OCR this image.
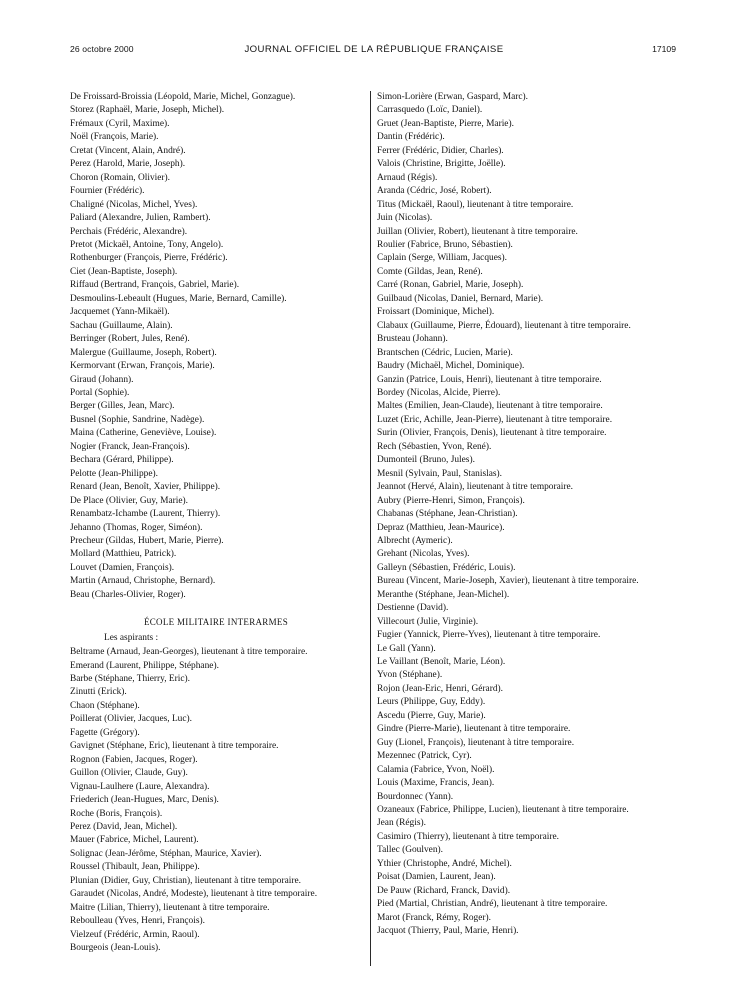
26 octobre 2000	JOURNAL OFFICIEL DE LA RÉPUBLIQUE FRANÇAISE	17109
De Froissard-Broissia (Léopold, Marie, Michel, Gonzague).
Storez (Raphaël, Marie, Joseph, Michel).
Frémaux (Cyril, Maxime).
Noël (François, Marie).
Cretat (Vincent, Alain, André).
Perez (Harold, Marie, Joseph).
Choron (Romain, Olivier).
Fournier (Frédéric).
Chaligné (Nicolas, Michel, Yves).
Paliard (Alexandre, Julien, Rambert).
Perchais (Frédéric, Alexandre).
Pretot (Mickaël, Antoine, Tony, Angelo).
Rothenburger (François, Pierre, Frédéric).
Ciet (Jean-Baptiste, Joseph).
Riffaud (Bertrand, François, Gabriel, Marie).
Desmoulins-Lebeault (Hugues, Marie, Bernard, Camille).
Jacquemet (Yann-Mikaël).
Sachau (Guillaume, Alain).
Berringer (Robert, Jules, René).
Malergue (Guillaume, Joseph, Robert).
Kermorvant (Erwan, François, Marie).
Giraud (Johann).
Portal (Sophie).
Berger (Gilles, Jean, Marc).
Busnel (Sophie, Sandrine, Nadège).
Maina (Catherine, Geneviève, Louise).
Nogier (Franck, Jean-François).
Bechara (Gérard, Philippe).
Pelotte (Jean-Philippe).
Renard (Jean, Benoît, Xavier, Philippe).
De Place (Olivier, Guy, Marie).
Renambatz-Ichambe (Laurent, Thierry).
Jehanno (Thomas, Roger, Siméon).
Precheur (Gildas, Hubert, Marie, Pierre).
Mollard (Matthieu, Patrick).
Louvet (Damien, François).
Martin (Arnaud, Christophe, Bernard).
Beau (Charles-Olivier, Roger).
ÉCOLE MILITAIRE INTERARMES
Les aspirants :
Beltrame (Arnaud, Jean-Georges), lieutenant à titre temporaire.
Emerand (Laurent, Philippe, Stéphane).
Barbe (Stéphane, Thierry, Eric).
Zinutti (Erick).
Chaon (Stéphane).
Poillerat (Olivier, Jacques, Luc).
Fagette (Grégory).
Gavignet (Stéphane, Eric), lieutenant à titre temporaire.
Rognon (Fabien, Jacques, Roger).
Guillon (Olivier, Claude, Guy).
Vignau-Laulhere (Laure, Alexandra).
Friederich (Jean-Hugues, Marc, Denis).
Roche (Boris, François).
Perez (David, Jean, Michel).
Mauer (Fabrice, Michel, Laurent).
Solignac (Jean-Jérôme, Stéphan, Maurice, Xavier).
Roussel (Thibault, Jean, Philippe).
Plunian (Didier, Guy, Christian), lieutenant à titre temporaire.
Garaudet (Nicolas, André, Modeste), lieutenant à titre temporaire.
Maitre (Lilian, Thierry), lieutenant à titre temporaire.
Reboulleau (Yves, Henri, François).
Vielzeuf (Frédéric, Armin, Raoul).
Bourgeois (Jean-Louis).
Simon-Lorière (Erwan, Gaspard, Marc).
Carrasquedo (Loïc, Daniel).
Gruet (Jean-Baptiste, Pierre, Marie).
Dantin (Frédéric).
Ferrer (Frédéric, Didier, Charles).
Valois (Christine, Brigitte, Joëlle).
Arnaud (Régis).
Aranda (Cédric, José, Robert).
Titus (Mickaël, Raoul), lieutenant à titre temporaire.
Juin (Nicolas).
Juillan (Olivier, Robert), lieutenant à titre temporaire.
Roulier (Fabrice, Bruno, Sébastien).
Caplain (Serge, William, Jacques).
Comte (Gildas, Jean, René).
Carré (Ronan, Gabriel, Marie, Joseph).
Guilbaud (Nicolas, Daniel, Bernard, Marie).
Froissart (Dominique, Michel).
Clabaux (Guillaume, Pierre, Édouard), lieutenant à titre temporaire.
Brusteau (Johann).
Brantschen (Cédric, Lucien, Marie).
Baudry (Michaël, Michel, Dominique).
Ganzin (Patrice, Louis, Henri), lieutenant à titre temporaire.
Bordey (Nicolas, Alcide, Pierre).
Maltes (Emilien, Jean-Claude), lieutenant à titre temporaire.
Luzet (Eric, Achille, Jean-Pierre), lieutenant à titre temporaire.
Surin (Olivier, François, Denis), lieutenant à titre temporaire.
Rech (Sébastien, Yvon, René).
Dumonteil (Bruno, Jules).
Mesnil (Sylvain, Paul, Stanislas).
Jeannot (Hervé, Alain), lieutenant à titre temporaire.
Aubry (Pierre-Henri, Simon, François).
Chabanas (Stéphane, Jean-Christian).
Depraz (Matthieu, Jean-Maurice).
Albrecht (Aymeric).
Grehant (Nicolas, Yves).
Galleyn (Sébastien, Frédéric, Louis).
Bureau (Vincent, Marie-Joseph, Xavier), lieutenant à titre temporaire.
Meranthe (Stéphane, Jean-Michel).
Destienne (David).
Villecourt (Julie, Virginie).
Fugier (Yannick, Pierre-Yves), lieutenant à titre temporaire.
Le Gall (Yann).
Le Vaillant (Benoît, Marie, Léon).
Yvon (Stéphane).
Rojon (Jean-Eric, Henri, Gérard).
Leurs (Philippe, Guy, Eddy).
Ascedu (Pierre, Guy, Marie).
Gindre (Pierre-Marie), lieutenant à titre temporaire.
Guy (Lionel, François), lieutenant à titre temporaire.
Mezennec (Patrick, Cyr).
Calamia (Fabrice, Yvon, Noël).
Louis (Maxime, Francis, Jean).
Bourdonnec (Yann).
Ozaneaux (Fabrice, Philippe, Lucien), lieutenant à titre temporaire.
Jean (Régis).
Casimiro (Thierry), lieutenant à titre temporaire.
Tallec (Goulven).
Ythier (Christophe, André, Michel).
Poisat (Damien, Laurent, Jean).
De Pauw (Richard, Franck, David).
Pied (Martial, Christian, André), lieutenant à titre temporaire.
Marot (Franck, Rémy, Roger).
Jacquot (Thierry, Paul, Marie, Henri).
